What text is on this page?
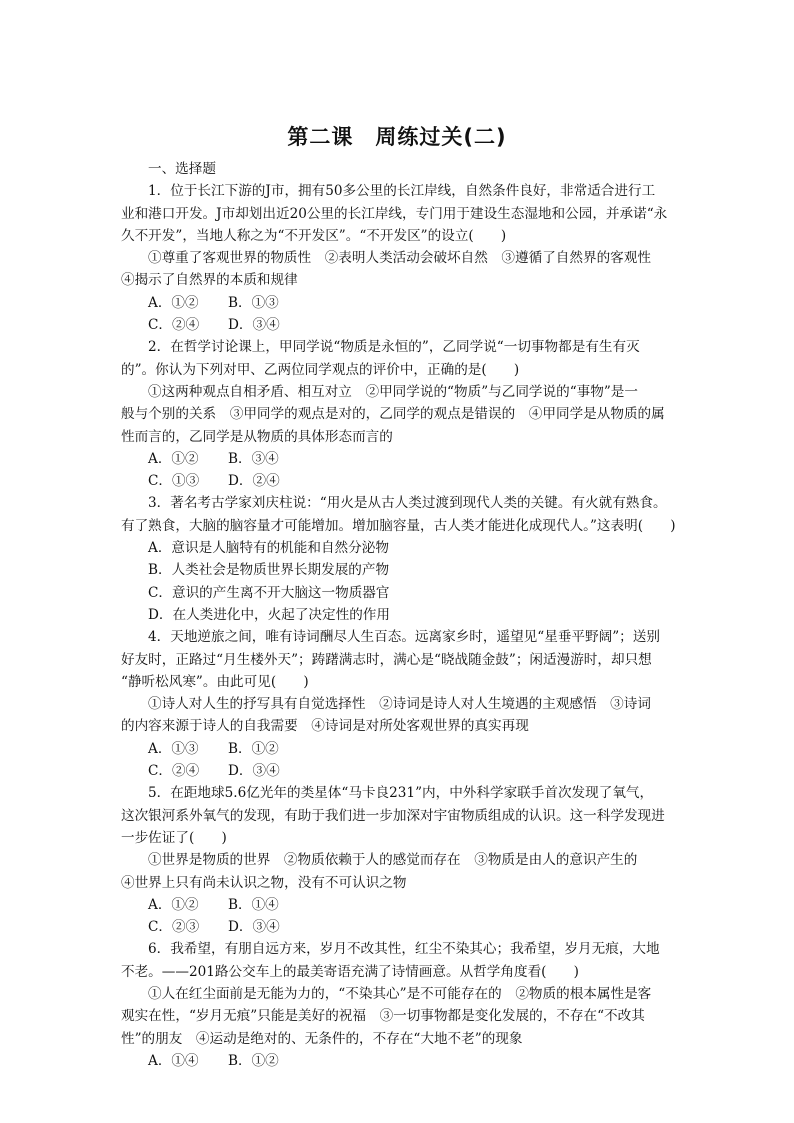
第二课　周练过关(二)
一、选择题
1．位于长江下游的J市，拥有50多公里的长江岸线，自然条件良好，非常适合进行工
业和港口开发。J市却划出近20公里的长江岸线，专门用于建设生态湿地和公园，并承诺“永
久不开发”，当地人称之为“不开发区”。“不开发区”的设立(　　)
①尊重了客观世界的物质性　②表明人类活动会破坏自然　③遵循了自然界的客观性
④揭示了自然界的本质和规律
A．①②	B．①③
C．②④	D．③④
2．在哲学讨论课上，甲同学说“物质是永恒的”，乙同学说“一切事物都是有生有灭
的”。你认为下列对甲、乙两位同学观点的评价中，正确的是(　　)
①这两种观点自相矛盾、相互对立　②甲同学说的“物质”与乙同学说的“事物”是一
般与个别的关系　③甲同学的观点是对的，乙同学的观点是错误的　④甲同学是从物质的属
性而言的，乙同学是从物质的具体形态而言的
A．①②	B．③④
C．①③	D．②④
3．著名考古学家刘庆柱说：“用火是从古人类过渡到现代人类的关键。有火就有熟食。
有了熟食，大脑的脑容量才可能增加。增加脑容量，古人类才能进化成现代人。”这表明(　　)
A．意识是人脑特有的机能和自然分泌物
B．人类社会是物质世界长期发展的产物
C．意识的产生离不开大脑这一物质器官
D．在人类进化中，火起了决定性的作用
4．天地逆旅之间，唯有诗词酬尽人生百态。远离家乡时，遥望见“星垂平野阔”；送别
好友时，正路过“月生楼外天”；踌躇满志时，满心是“晓战随金鼓”；闲适漫游时，却只想
“静听松风寒”。由此可见(　　)
①诗人对人生的抒写具有自觉选择性　②诗词是诗人对人生境遇的主观感悟　③诗词
的内容来源于诗人的自我需要　④诗词是对所处客观世界的真实再现
A．①③	B．①②
C．②④	D．③④
5．在距地球5.6亿光年的类星体“马卡良231”内，中外科学家联手首次发现了氧气，
这次银河系外氧气的发现，有助于我们进一步加深对宇宙物质组成的认识。这一科学发现进
一步佐证了(　　)
①世界是物质的世界　②物质依赖于人的感觉而存在　③物质是由人的意识产生的
④世界上只有尚未认识之物，没有不可认识之物
A．①②	B．①④
C．②③	D．③④
6．我希望，有朋自远方来，岁月不改其性，红尘不染其心；我希望，岁月无痕，大地
不老。——201路公交车上的最美寄语充满了诗情画意。从哲学角度看(　　)
①人在红尘面前是无能为力的，“不染其心”是不可能存在的　②物质的根本属性是客
观实在性，“岁月无痕”只能是美好的祝福　③一切事物都是变化发展的，不存在“不改其
性”的朋友　④运动是绝对的、无条件的，不存在“大地不老”的现象
A．①④	B．①②
